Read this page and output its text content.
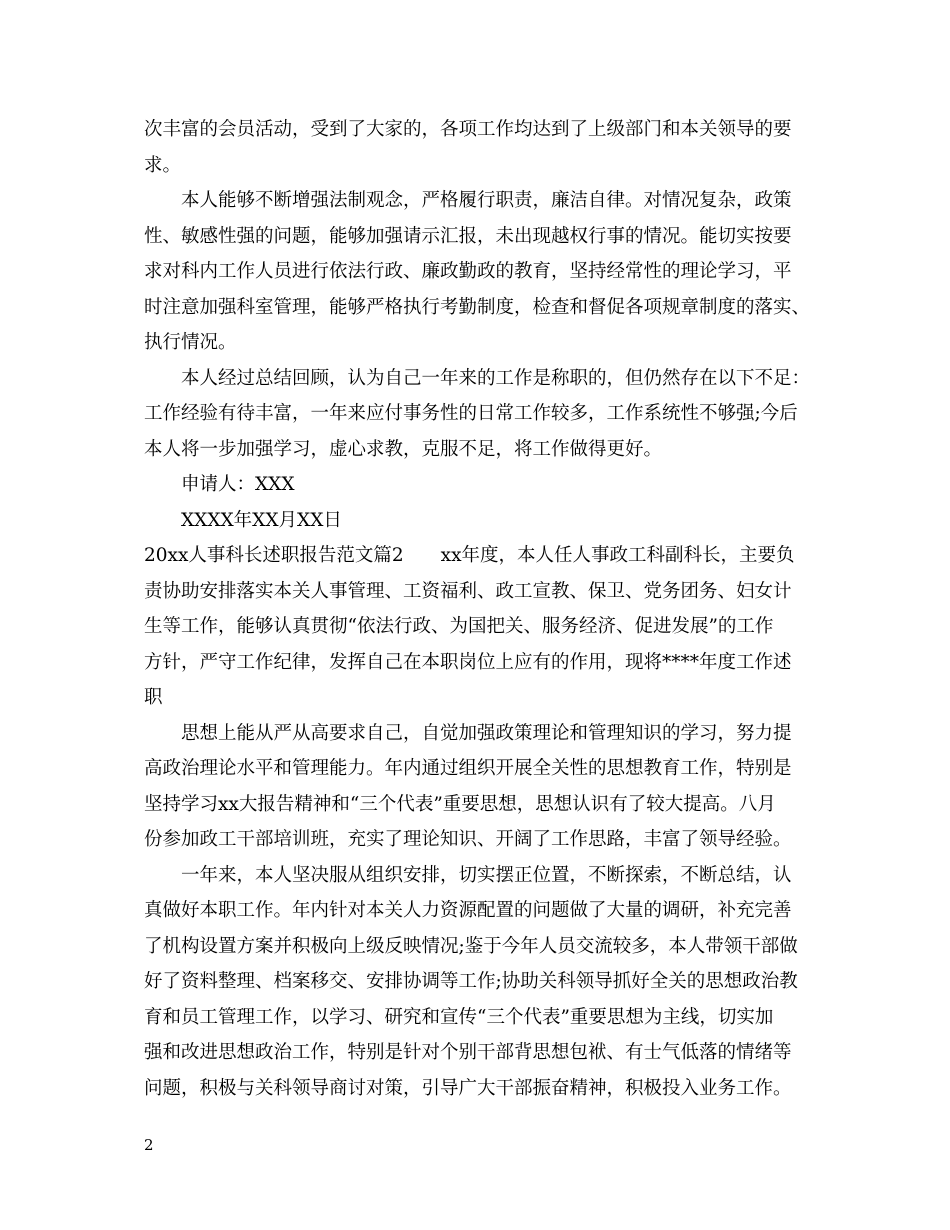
次丰富的会员活动，受到了大家的，各项工作均达到了上级部门和本关领导的要
求。
本人能够不断增强法制观念，严格履行职责，廉洁自律。对情况复杂，政策
性、敏感性强的问题，能够加强请示汇报，未出现越权行事的情况。能切实按要
求对科内工作人员进行依法行政、廉政勤政的教育，坚持经常性的理论学习，平
时注意加强科室管理，能够严格执行考勤制度，检查和督促各项规章制度的落实、
执行情况。
本人经过总结回顾，认为自己一年来的工作是称职的，但仍然存在以下不足：
工作经验有待丰富，一年来应付事务性的日常工作较多，工作系统性不够强;今后
本人将一步加强学习，虚心求教，克服不足，将工作做得更好。
申请人：XXX
XXXX年XX月XX日
20xx人事科长述职报告范文篇2　　xx年度，本人任人事政工科副科长，主要负
责协助安排落实本关人事管理、工资福利、政工宣教、保卫、党务团务、妇女计
生等工作，能够认真贯彻“依法行政、为国把关、服务经济、促进发展”的工作
方针，严守工作纪律，发挥自己在本职岗位上应有的作用，现将****年度工作述
职
思想上能从严从高要求自己，自觉加强政策理论和管理知识的学习，努力提
高政治理论水平和管理能力。年内通过组织开展全关性的思想教育工作，特别是
坚持学习xx大报告精神和“三个代表”重要思想，思想认识有了较大提高。八月
份参加政工干部培训班，充实了理论知识、开阔了工作思路，丰富了领导经验。
一年来，本人坚决服从组织安排，切实摆正位置，不断探索，不断总结，认
真做好本职工作。年内针对本关人力资源配置的问题做了大量的调研，补充完善
了机构设置方案并积极向上级反映情况;鉴于今年人员交流较多，本人带领干部做
好了资料整理、档案移交、安排协调等工作;协助关科领导抓好全关的思想政治教
育和员工管理工作，以学习、研究和宣传“三个代表”重要思想为主线，切实加
强和改进思想政治工作，特别是针对个别干部背思想包袱、有士气低落的情绪等
问题，积极与关科领导商讨对策，引导广大干部振奋精神，积极投入业务工作。
2
